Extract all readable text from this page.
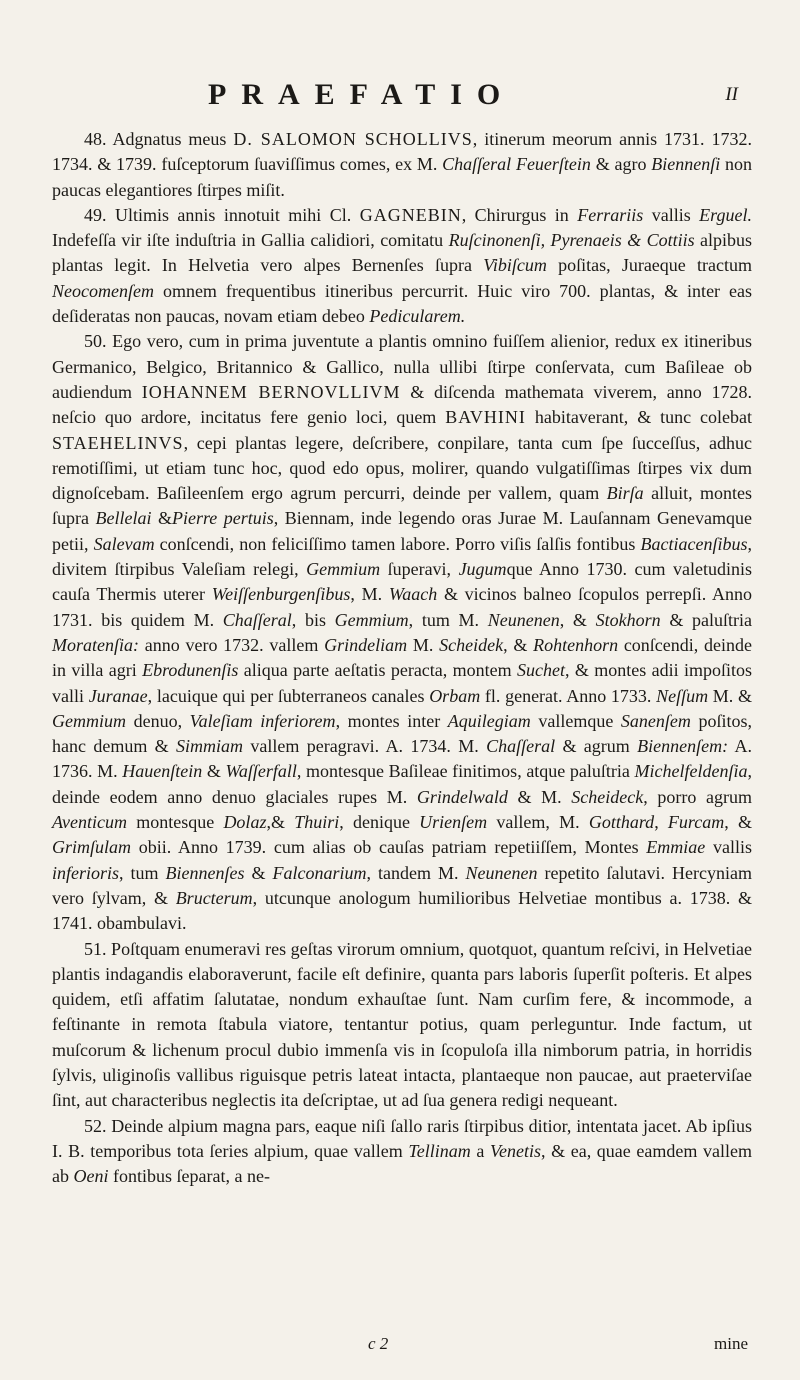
PRAEFATIO	II

48. Adgnatus meus D. SALOMON SCHOLLIVS, itinerum meorum annis 1731. 1732. 1734. & 1739. fuſceptorum ſuaviſſimus comes, ex M. Chaſſeral Feuerſtein & agro Biennenſi non paucas elegantiores ſtirpes miſit.

49. Ultimis annis innotuit mihi Cl. GAGNEBIN, Chirurgus in Ferrariis vallis Erguel. Indefeſſa vir iſte induſtria in Gallia calidiori, comitatu Ruſcinonenſi, Pyrenaeis & Cottiis alpibus plantas legit. In Helvetia vero alpes Bernenſes ſupra Vibiſcum poſitas, Juraeque tractum Neocomenſem omnem frequentibus itineribus percurrit. Huic viro 700. plantas, & inter eas deſideratas non paucas, novam etiam debeo Pedicularem.

50. Ego vero, cum in prima juventute a plantis omnino fuiſſem alienior, redux ex itineribus Germanico, Belgico, Britannico & Gallico, nulla ullibi ſtirpe conſervata, cum Baſileae ob audiendum IOHANNEM BERNOVLLIVM & diſcenda mathemata viverem, anno 1728. neſcio quo ardore, incitatus fere genio loci, quem BAVHINI habitaverant, & tunc colebat STAEHELINVS, cepi plantas legere, deſcribere, conpilare, tanta cum ſpe ſucceſſus, adhuc remotiſſimi, ut etiam tunc hoc, quod edo opus, molirer, quando vulgatiſſimas ſtirpes vix dum dignoſcebam. Baſileenſem ergo agrum percurri, deinde per vallem, quam Birſa alluit, montes ſupra Bellelai &Pierre pertuis, Biennam, inde legendo oras Jurae M. Lauſannam Genevamque petii, Salevam conſcendi, non feliciſſimo tamen labore. Porro viſis ſalſis fontibus Bactiacenſibus, divitem ſtirpibus Valeſiam relegi, Gemmium ſuperavi, Jugumque Anno 1730. cum valetudinis cauſa Thermis uterer Weiſſenburgenſibus, M. Waach & vicinos balneo ſcopulos perrepſi. Anno 1731. bis quidem M. Chaſſeral, bis Gemmium, tum M. Neunenen, & Stokhorn & paluſtria Moratenſia: anno vero 1732. vallem Grindeliam M. Scheidek, & Rohtenhorn conſcendi, deinde in villa agri Ebrodunenſis aliqua parte aeſtatis peracta, montem Suchet, & montes adii impoſitos valli Juranae, lacuique qui per ſubterraneos canales Orbam fl. generat. Anno 1733. Neſſum M. & Gemmium denuo, Valeſiam inferiorem, montes inter Aquilegiam vallemque Sanenſem poſitos, hanc demum & Simmiam vallem peragravi. A. 1734. M. Chaſſeral & agrum Biennenſem: A. 1736. M. Hauenſtein & Waſſerfall, montesque Baſileae finitimos, atque paluſtria Michelfeldenſia, deinde eodem anno denuo glaciales rupes M. Grindelwald & M. Scheideck, porro agrum Aventicum montesque Dolaz,& Thuiri, denique Urienſem vallem, M. Gotthard, Furcam, & Grimſulam obii. Anno 1739. cum alias ob cauſas patriam repetiiſſem, Montes Emmiae vallis inferioris, tum Biennenſes & Falconarium, tandem M. Neunenen repetito ſalutavi. Hercyniam vero ſylvam, & Bructerum, utcunque anologum humilioribus Helvetiae montibus a. 1738. & 1741. obambulavi.

51. Poſtquam enumeravi res geſtas virorum omnium, quotquot, quantum reſcivi, in Helvetiae plantis indagandis elaboraverunt, facile eſt definire, quanta pars laboris ſuperſit poſteris. Et alpes quidem, etſi affatim ſalutatae, nondum exhauſtae ſunt. Nam curſim fere, & incommode, a feſtinante in remota ſtabula viatore, tentantur potius, quam perleguntur. Inde factum, ut muſcorum & lichenum procul dubio immenſa vis in ſcopuloſa illa nimborum patria, in horridis ſylvis, uliginoſis vallibus riguisque petris lateat intacta, plantaeque non paucae, aut praeterviſae ſint, aut characteribus neglectis ita deſcriptae, ut ad ſua genera redigi nequeant.

52. Deinde alpium magna pars, eaque niſi ſallo raris ſtirpibus ditior, intentata jacet. Ab ipſius I. B. temporibus tota ſeries alpium, quae vallem Tellinam a Venetis, & ea, quae eamdem vallem ab Oeni fontibus ſeparat, a ne-

c 2	mine
